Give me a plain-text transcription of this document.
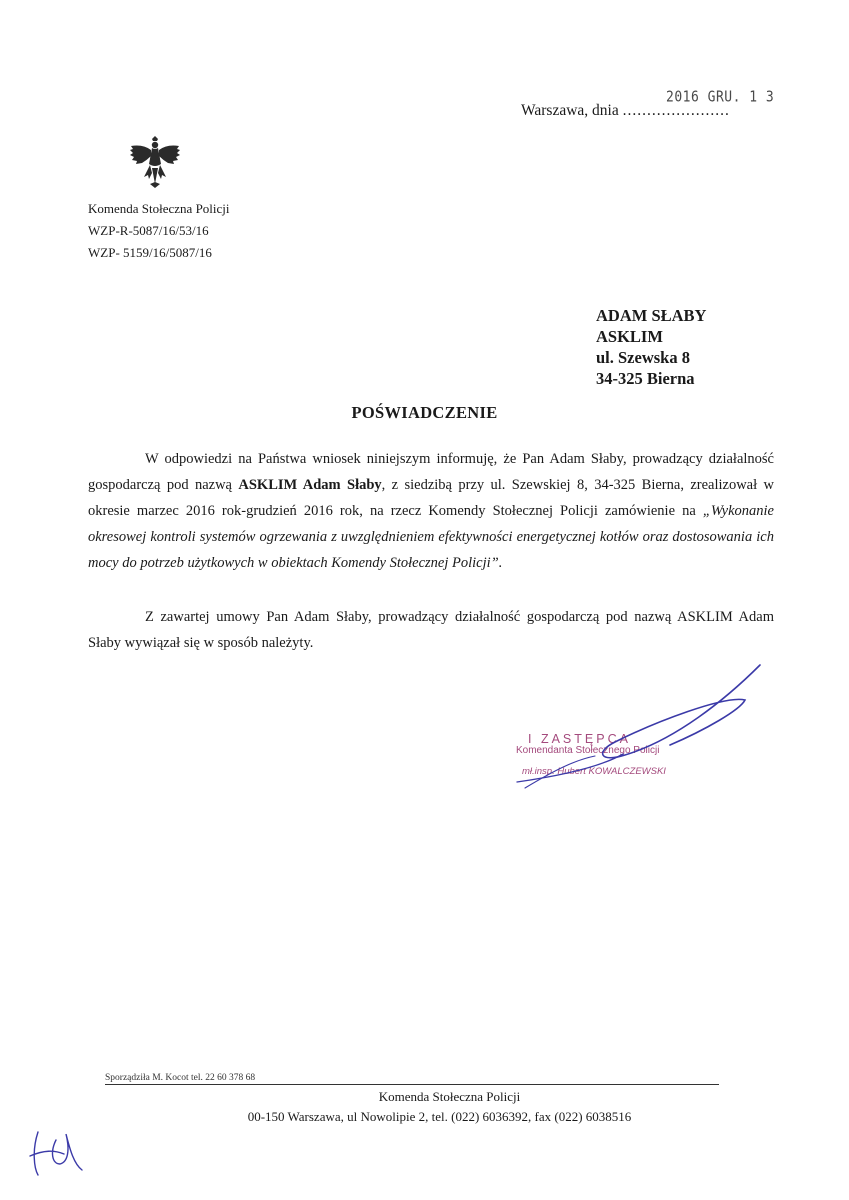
2016 GRU. 1 3
Warszawa, dnia ......................
Komenda Stołeczna Policji
WZP-R-5087/16/53/16
WZP- 5159/16/5087/16
ADAM SŁABY
ASKLIM
ul. Szewska 8
34-325 Bierna
POŚWIADCZENIE
W odpowiedzi na Państwa wniosek niniejszym informuję, że Pan Adam Słaby, prowadzący działalność gospodarczą pod nazwą ASKLIM Adam Słaby, z siedzibą przy ul. Szewskiej 8, 34-325 Bierna, zrealizował w okresie marzec 2016 rok-grudzień 2016 rok, na rzecz Komendy Stołecznej Policji zamówienie na „Wykonanie okresowej kontroli systemów ogrzewania z uwzględnieniem efektywności energetycznej kotłów oraz dostosowania ich mocy do potrzeb użytkowych w obiektach Komendy Stołecznej Policji”.
Z zawartej umowy Pan Adam Słaby, prowadzący działalność gospodarczą pod nazwą ASKLIM Adam Słaby wywiązał się w sposób należyty.
I ZASTĘPCA
Komendanta Stołecznego Policji
mł.insp. Hubert KOWALCZEWSKI
Sporządziła M. Kocot tel. 22 60 378 68
Komenda Stołeczna Policji
00-150 Warszawa, ul Nowolipie 2, tel. (022) 6036392, fax (022) 6038516
